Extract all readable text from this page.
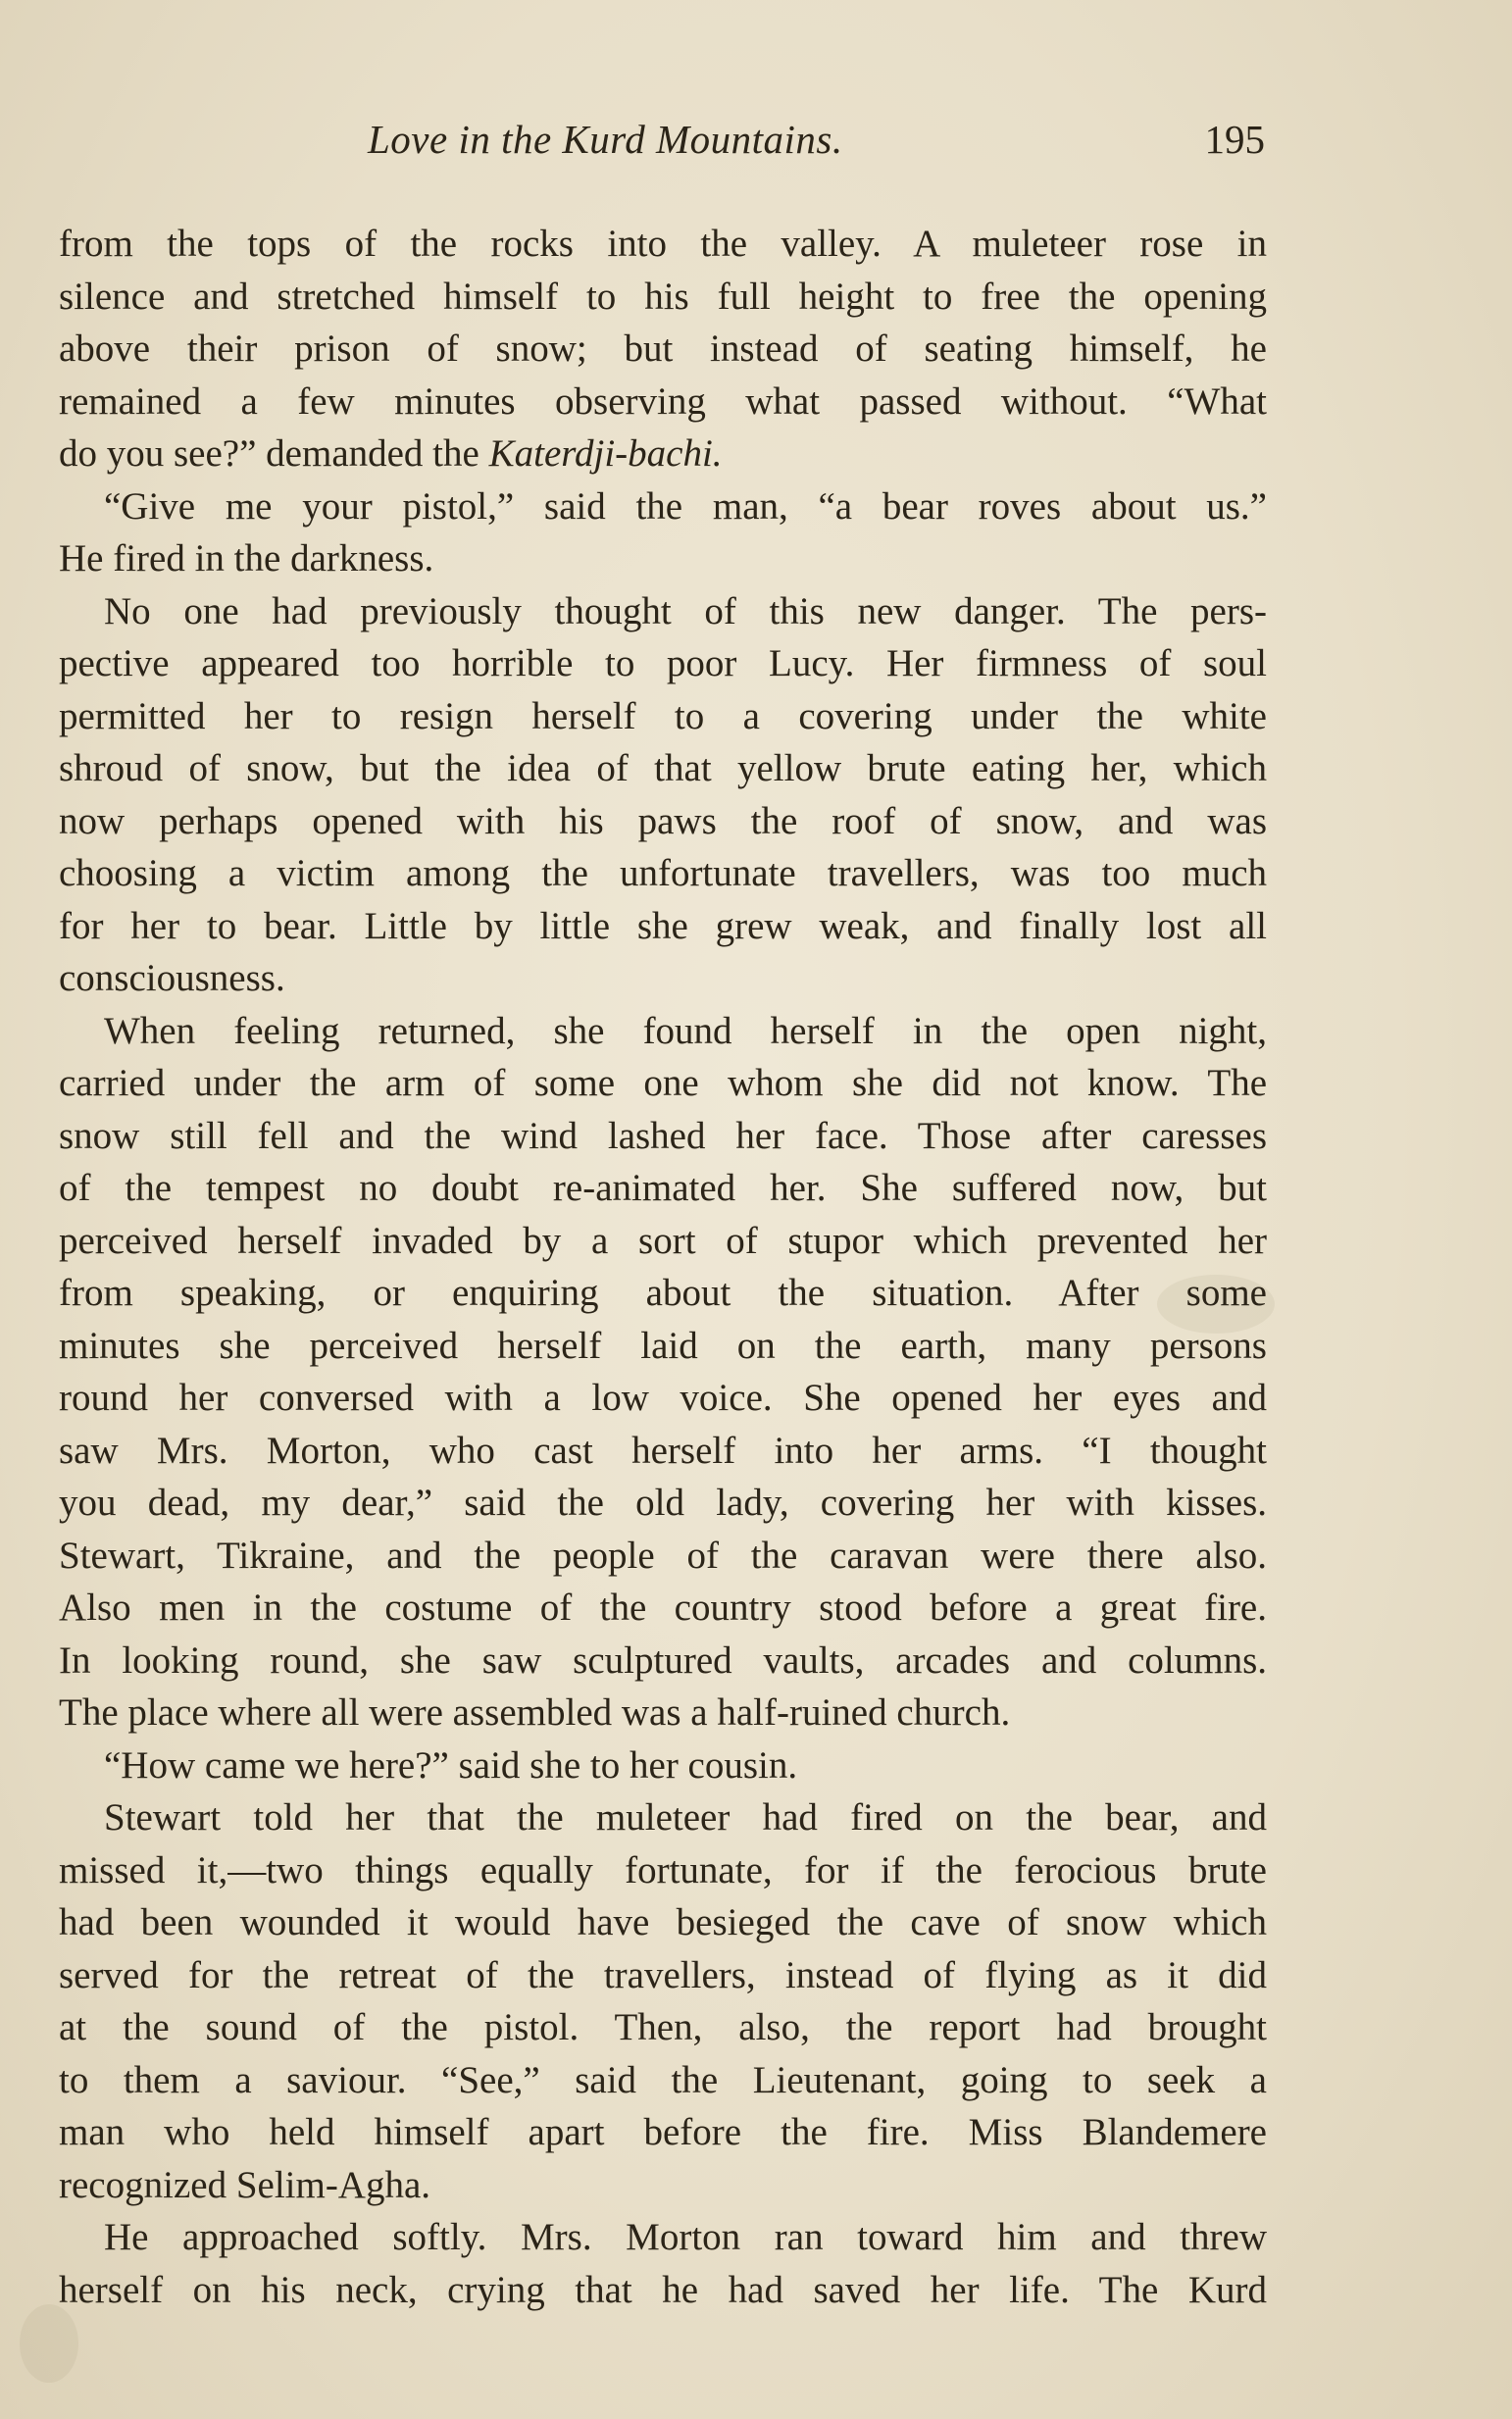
Love in the Kurd Mountains.	195
from the tops of the rocks into the valley. A muleteer rose in
silence and stretched himself to his full height to free the opening
above their prison of snow; but instead of seating himself, he
remained a few minutes observing what passed without. “What
do you see?” demanded the Katerdji-bachi.
“Give me your pistol,” said the man, “a bear roves about us.”
He fired in the darkness.
No one had previously thought of this new danger. The pers-
pective appeared too horrible to poor Lucy. Her firmness of soul
permitted her to resign herself to a covering under the white
shroud of snow, but the idea of that yellow brute eating her, which
now perhaps opened with his paws the roof of snow, and was
choosing a victim among the unfortunate travellers, was too much
for her to bear. Little by little she grew weak, and finally lost all
consciousness.
When feeling returned, she found herself in the open night,
carried under the arm of some one whom she did not know. The
snow still fell and the wind lashed her face. Those after caresses
of the tempest no doubt re-animated her. She suffered now, but
perceived herself invaded by a sort of stupor which prevented her
from speaking, or enquiring about the situation. After some
minutes she perceived herself laid on the earth, many persons
round her conversed with a low voice. She opened her eyes and
saw Mrs. Morton, who cast herself into her arms. “I thought
you dead, my dear,” said the old lady, covering her with kisses.
Stewart, Tikraine, and the people of the caravan were there also.
Also men in the costume of the country stood before a great fire.
In looking round, she saw sculptured vaults, arcades and columns.
The place where all were assembled was a half-ruined church.
“How came we here?” said she to her cousin.
Stewart told her that the muleteer had fired on the bear, and
missed it,—two things equally fortunate, for if the ferocious brute
had been wounded it would have besieged the cave of snow which
served for the retreat of the travellers, instead of flying as it did
at the sound of the pistol. Then, also, the report had brought
to them a saviour. “See,” said the Lieutenant, going to seek a
man who held himself apart before the fire. Miss Blandemere
recognized Selim-Agha.
He approached softly. Mrs. Morton ran toward him and threw
herself on his neck, crying that he had saved her life. The Kurd
